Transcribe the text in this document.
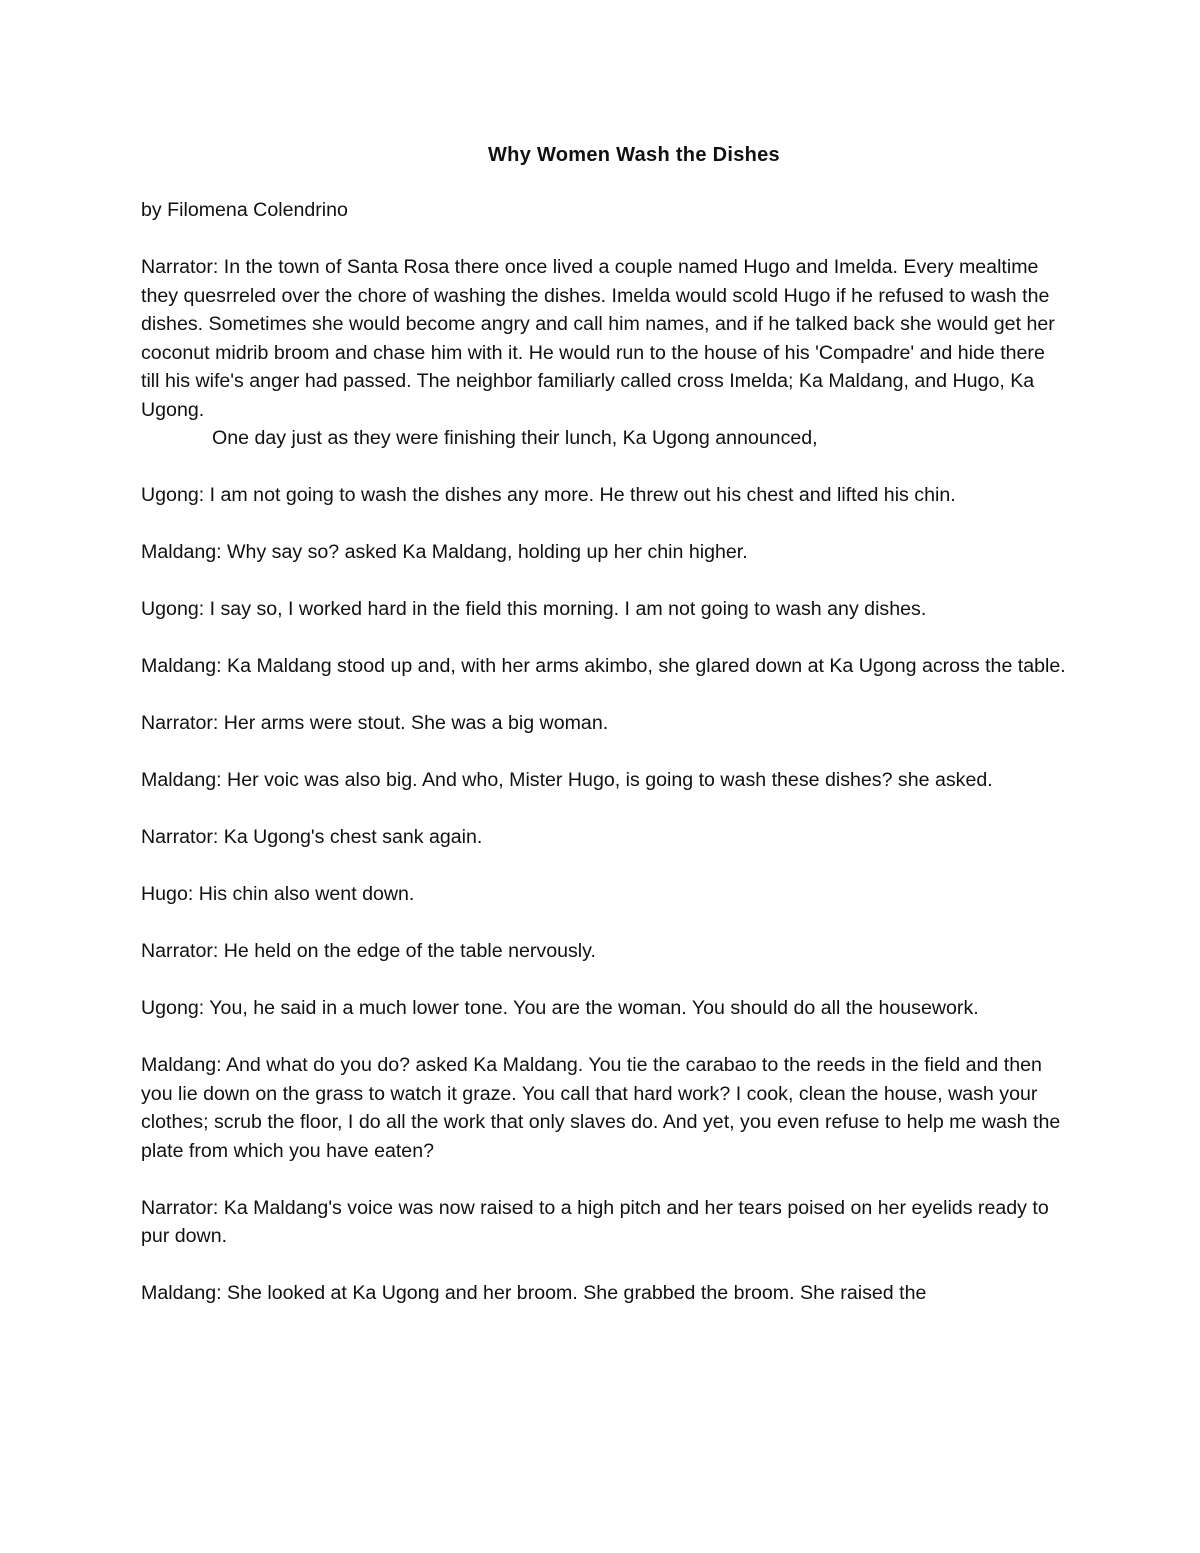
Why Women Wash the Dishes

by Filomena Colendrino

Narrator: In the town of Santa Rosa there once lived a couple named Hugo and Imelda. Every mealtime they quesrreled over the chore of washing the dishes. Imelda would scold Hugo if he refused to wash the dishes. Sometimes she would become angry and call him names, and if he talked back she would get her coconut midrib broom and chase him with it. He would run to the house of his 'Compadre' and hide there till his wife's anger had passed. The neighbor familiarly called cross Imelda; Ka Maldang, and Hugo, Ka Ugong.

One day just as they were finishing their lunch, Ka Ugong announced,

Ugong: I am not going to wash the dishes any more. He threw out his chest and lifted his chin.

Maldang: Why say so? asked Ka Maldang, holding up her chin higher.

Ugong: I say so, I worked hard in the field this morning. I am not going to wash any dishes.

Maldang: Ka Maldang stood up and, with her arms akimbo, she glared down at Ka Ugong across the table.

Narrator: Her arms were stout. She was a big woman.

Maldang: Her voic was also big. And who, Mister Hugo, is going to wash these dishes? she asked.

Narrator: Ka Ugong's chest sank again.

Hugo: His chin also went down.

Narrator: He held on the edge of the table nervously.

Ugong: You, he said in a much lower tone. You are the woman. You should do all the housework.

Maldang: And what do you do? asked Ka Maldang. You tie the carabao to the reeds in the field and then you lie down on the grass to watch it graze. You call that hard work? I cook, clean the house, wash your clothes; scrub the floor, I do all the work that only slaves do. And yet, you even refuse to help me wash the plate from which you have eaten?

Narrator: Ka Maldang's voice was now raised to a high pitch and her tears poised on her eyelids ready to pur down.

Maldang: She looked at Ka Ugong and her broom. She grabbed the broom. She raised the
